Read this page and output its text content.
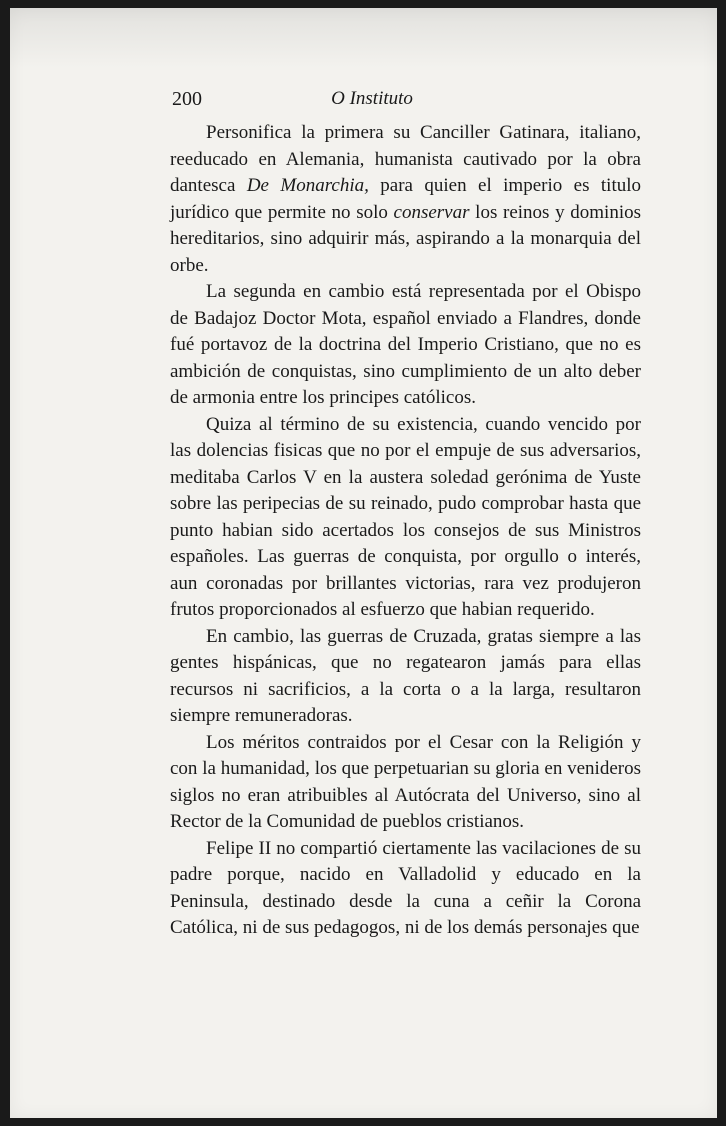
200	O Instituto

Personifica la primera su Canciller Gatinara, italiano, reeducado en Alemania, humanista cautivado por la obra dantesca De Monarchia, para quien el imperio es titulo jurídico que permite no solo conservar los reinos y dominios hereditarios, sino adquirir más, aspirando a la monarquia del orbe.

La segunda en cambio está representada por el Obispo de Badajoz Doctor Mota, español enviado a Flandres, donde fué portavoz de la doctrina del Imperio Cristiano, que no es ambición de conquistas, sino cumplimiento de un alto deber de armonia entre los principes católicos.

Quiza al término de su existencia, cuando vencido por las dolencias fisicas que no por el empuje de sus adversarios, meditaba Carlos V en la austera soledad gerónima de Yuste sobre las peripecias de su reinado, pudo comprobar hasta que punto habian sido acertados los consejos de sus Ministros españoles. Las guerras de conquista, por orgullo o interés, aun coronadas por brillantes victorias, rara vez produjeron frutos proporcionados al esfuerzo que habian requerido.

En cambio, las guerras de Cruzada, gratas siempre a las gentes hispánicas, que no regatearon jamás para ellas recursos ni sacrificios, a la corta o a la larga, resultaron siempre remuneradoras.

Los méritos contraidos por el Cesar con la Religión y con la humanidad, los que perpetuarian su gloria en venideros siglos no eran atribuibles al Autócrata del Universo, sino al Rector de la Comunidad de pueblos cristianos.

Felipe II no compartió ciertamente las vacilaciones de su padre porque, nacido en Valladolid y educado en la Peninsula, destinado desde la cuna a ceñir la Corona Católica, ni de sus pedagogos, ni de los demás personajes que
